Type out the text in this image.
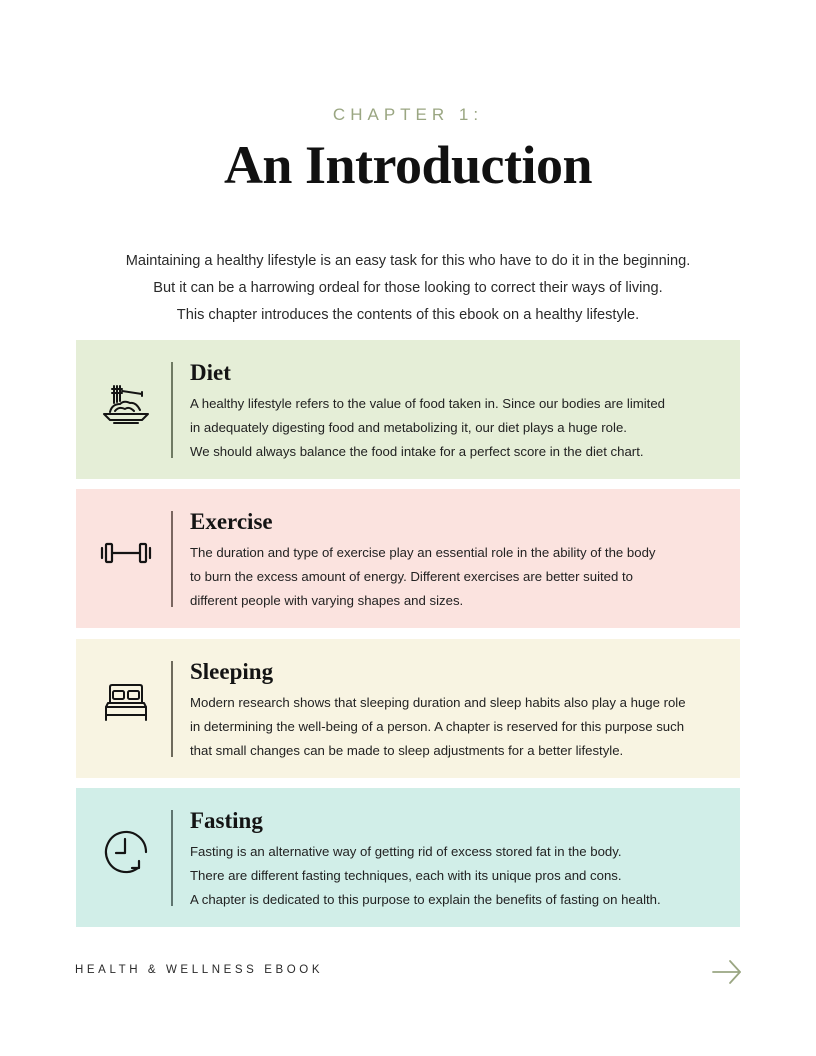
CHAPTER 1:
An Introduction

Maintaining a healthy lifestyle is an easy task for this who have to do it in the beginning.

But it can be a harrowing ordeal for those looking to correct their ways of living.

This chapter introduces the contents of this ebook on a healthy lifestyle.

Diet

A healthy lifestyle refers to the value of food taken in. Since our bodies are limited

in adequately digesting food and metabolizing it, our diet plays a huge role.

We should always balance the food intake for a perfect score in the diet chart.

Exercise

The duration and type of exercise play an essential role in the ability of the body

to burn the excess amount of energy. Different exercises are better suited to

different people with varying shapes and sizes.

Sleeping

Modern research shows that sleeping duration and sleep habits also play a huge role

in determining the well-being of a person. A chapter is reserved for this purpose such

that small changes can be made to sleep adjustments for a better lifestyle.

Fasting

Fasting is an alternative way of getting rid of excess stored fat in the body.

There are different fasting techniques, each with its unique pros and cons.

A chapter is dedicated to this purpose to explain the benefits of fasting on health.

HEALTH & WELLNESS EBOOK
